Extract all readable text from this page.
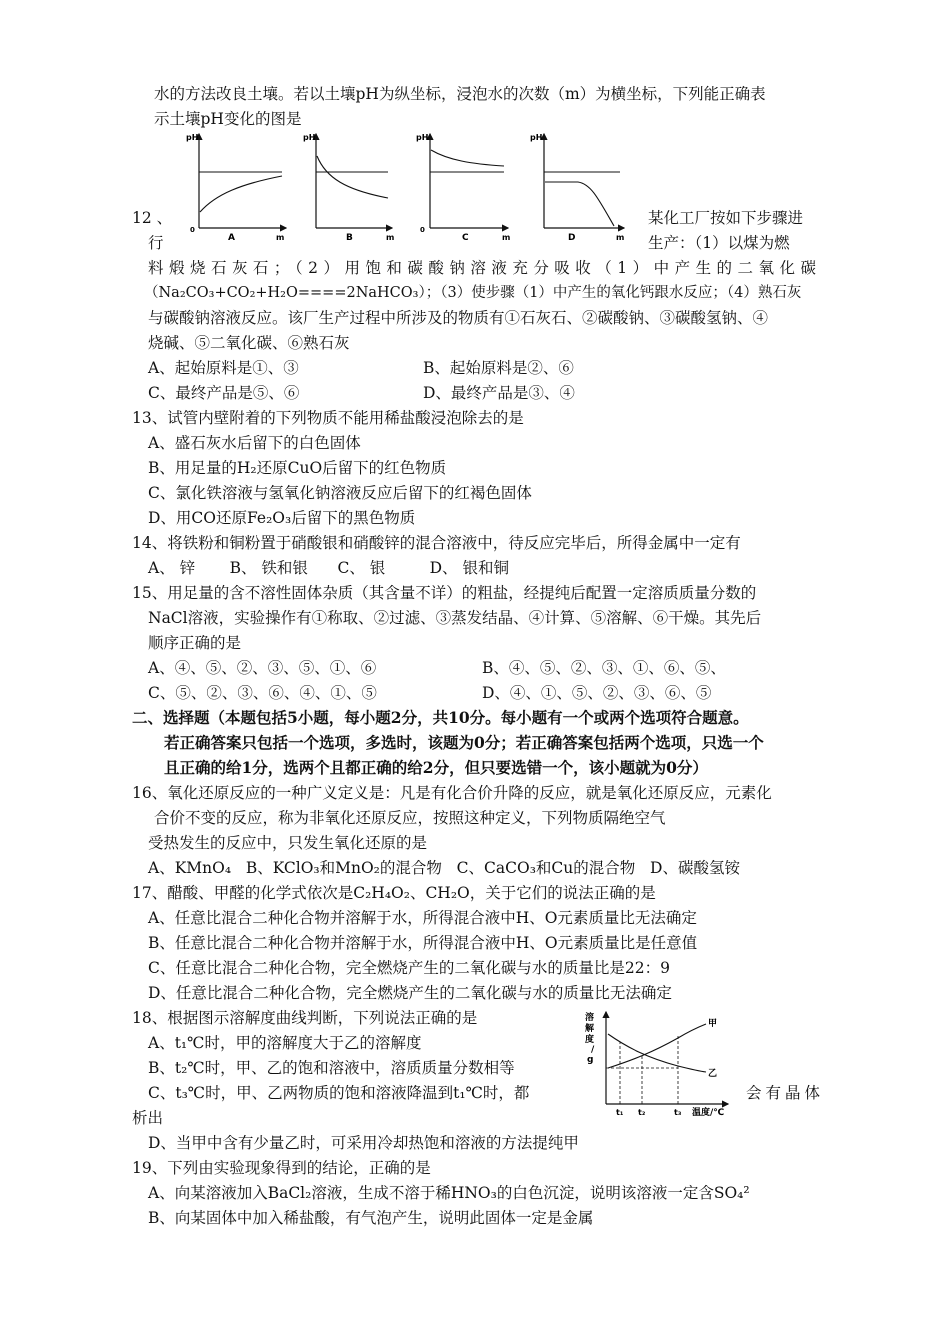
水的方法改良土壤。若以土壤pH为纵坐标，浸泡水的次数（m）为横坐标，下列能正确表
示土壤pH变化的图是
pH
0
A	m
pH
B	m
pH
0
C	m
pH
D	m
12 、	某化工厂按如下步骤进
行	生产：（1）以煤为燃
料煅烧石灰石；（2）用饱和碳酸钠溶液充分吸收（1）中产生的二氧化碳
（Na₂CO₃+CO₂+H₂O====2NaHCO₃）；（3）使步骤（1）中产生的氧化钙跟水反应；（4）熟石灰
与碳酸钠溶液反应。该厂生产过程中所涉及的物质有①石灰石、②碳酸钠、③碳酸氢钠、④
烧碱、⑤二氧化碳、⑥熟石灰
A、起始原料是①、③	B、起始原料是②、⑥
C、最终产品是⑤、⑥	D、最终产品是③、④
13、试管内壁附着的下列物质不能用稀盐酸浸泡除去的是
A、盛石灰水后留下的白色固体
B、用足量的H₂还原CuO后留下的红色物质
C、氯化铁溶液与氢氧化钠溶液反应后留下的红褐色固体
D、用CO还原Fe₂O₃后留下的黑色物质
14、将铁粉和铜粉置于硝酸银和硝酸锌的混合溶液中，待反应完毕后，所得金属中一定有
A、 锌       B、 铁和银      C、 银         D、 银和铜
15、用足量的含不溶性固体杂质（其含量不详）的粗盐，经提纯后配置一定溶质质量分数的
NaCl溶液，实验操作有①称取、②过滤、③蒸发结晶、④计算、⑤溶解、⑥干燥。其先后
顺序正确的是
A、④、⑤、②、③、⑤、①、⑥	B、④、⑤、②、③、①、⑥、⑤、
C、⑤、②、③、⑥、④、①、⑤	D、④、①、⑤、②、③、⑥、⑤
二、选择题（本题包括5小题，每小题2分，共10分。每小题有一个或两个选项符合题意。
若正确答案只包括一个选项，多选时，该题为0分；若正确答案包括两个选项，只选一个
且正确的给1分，选两个且都正确的给2分，但只要选错一个，该小题就为0分）
16、氧化还原反应的一种广义定义是：凡是有化合价升降的反应，就是氧化还原反应，元素化
合价不变的反应，称为非氧化还原反应，按照这种定义，下列物质隔绝空气
受热发生的反应中，只发生氧化还原的是
A、KMnO₄   B、KClO₃和MnO₂的混合物   C、CaCO₃和Cu的混合物   D、碳酸氢铵
17、醋酸、甲醛的化学式依次是C₂H₄O₂、CH₂O，关于它们的说法正确的是
A、任意比混合二种化合物并溶解于水，所得混合液中H、O元素质量比无法确定
B、任意比混合二种化合物并溶解于水，所得混合液中H、O元素质量比是任意值
C、任意比混合二种化合物，完全燃烧产生的二氧化碳与水的质量比是22：9
D、任意比混合二种化合物，完全燃烧产生的二氧化碳与水的质量比无法确定
18、根据图示溶解度曲线判断，下列说法正确的是
A、t₁℃时，甲的溶解度大于乙的溶解度
B、t₂℃时，甲、乙的饱和溶液中，溶质质量分数相等
C、t₃℃时，甲、乙两物质的饱和溶液降温到t₁℃时，都	会有晶体
析出
D、当甲中含有少量乙时，可采用冷却热饱和溶液的方法提纯甲
溶
解
度
/
g
甲
乙
t₁ t₂	t₃ 温度/℃
19、下列由实验现象得到的结论，正确的是
A、向某溶液加入BaCl₂溶液，生成不溶于稀HNO₃的白色沉淀，说明该溶液一定含SO₄²
B、向某固体中加入稀盐酸，有气泡产生，说明此固体一定是金属
